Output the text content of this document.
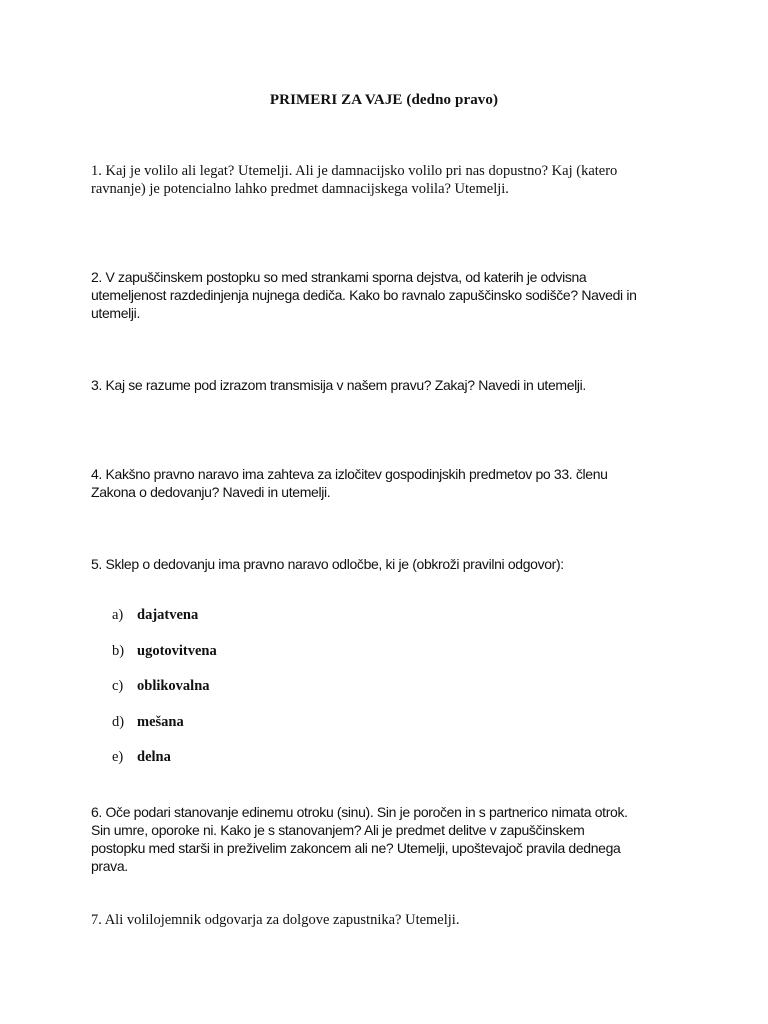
PRIMERI ZA VAJE (dedno pravo)
1. Kaj je volilo ali legat? Utemelji. Ali je damnacijsko volilo pri nas dopustno? Kaj (katero
ravnanje) je potencialno lahko predmet damnacijskega volila? Utemelji.
2. V zapuščinskem postopku so med strankami sporna dejstva, od katerih je odvisna
utemeljenost razdedinjenja nujnega dediča. Kako bo ravnalo zapuščinsko sodišče? Navedi in
utemelji.
3. Kaj se razume pod izrazom transmisija v našem pravu? Zakaj? Navedi in utemelji.
4. Kakšno pravno naravo ima zahteva za izločitev gospodinjskih predmetov po 33. členu
Zakona o dedovanju? Navedi in utemelji.
5. Sklep o dedovanju ima pravno naravo odločbe, ki je (obkroži pravilni odgovor):
a) dajatvena
b) ugotovitvena
c) oblikovalna
d) mešana
e) delna
6. Oče podari stanovanje edinemu otroku (sinu). Sin je poročen in s partnerico nimata otrok.
Sin umre, oporoke ni. Kako je s stanovanjem? Ali je predmet delitve v zapuščinskem
postopku med starši in preživelim zakoncem ali ne? Utemelji, upoštevajoč pravila dednega
prava.
7. Ali volilojemnik odgovarja za dolgove zapustnika? Utemelji.
